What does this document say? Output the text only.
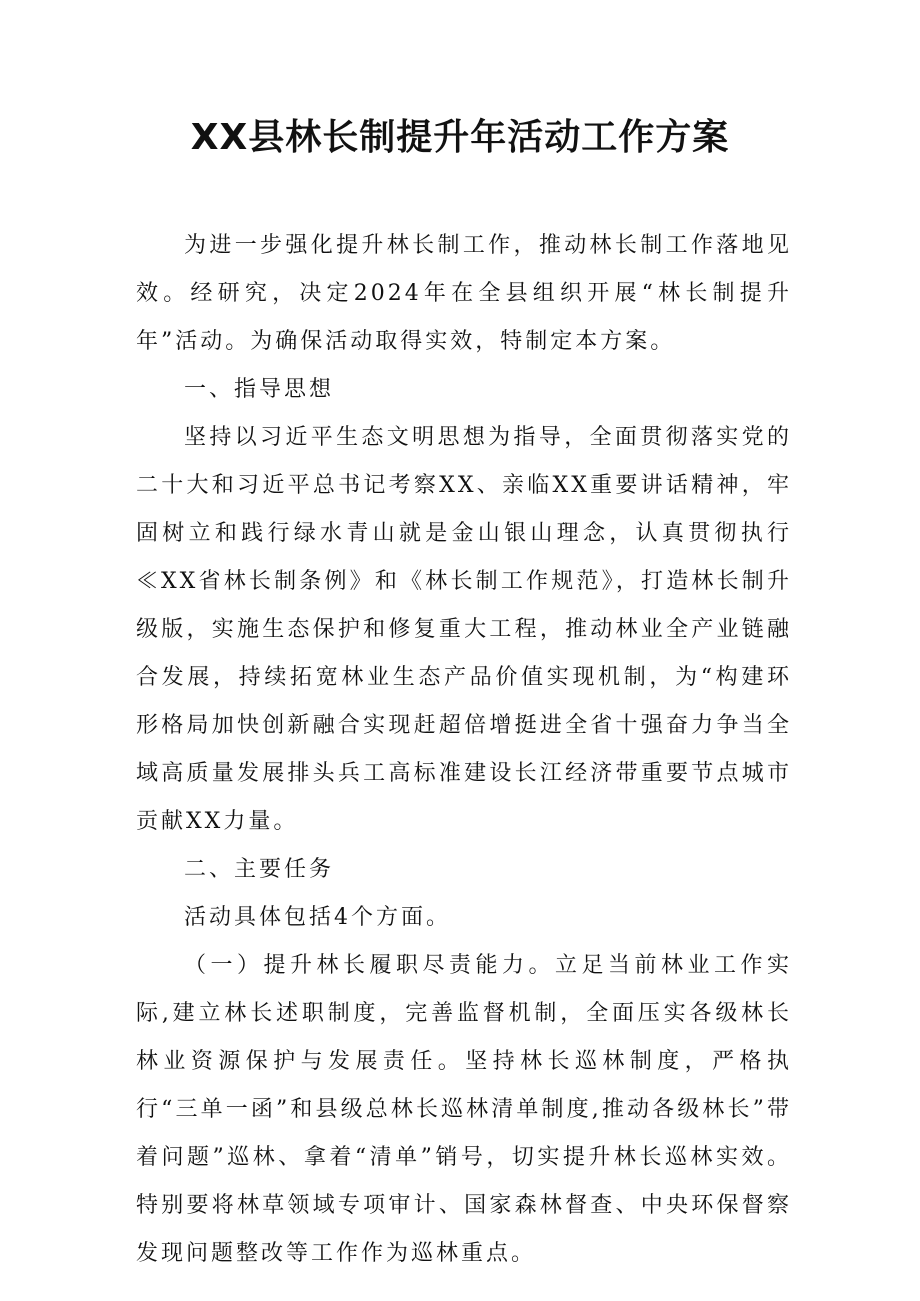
XX县林长制提升年活动工作方案

为进一步强化提升林长制工作，推动林长制工作落地见效。经研究，决定2024年在全县组织开展“林长制提升年”活动。为确保活动取得实效，特制定本方案。

一、指导思想

坚持以习近平生态文明思想为指导，全面贯彻落实党的二十大和习近平总书记考察XX、亲临XX重要讲话精神，牢固树立和践行绿水青山就是金山银山理念，认真贯彻执行≪XX省林长制条例》和《林长制工作规范》，打造林长制升级版，实施生态保护和修复重大工程，推动林业全产业链融合发展，持续拓宽林业生态产品价值实现机制，为“构建环形格局加快创新融合实现赶超倍增挺进全省十强奋力争当全域高质量发展排头兵工高标准建设长江经济带重要节点城市贡献XX力量。

二、主要任务

活动具体包括4个方面。

（一）提升林长履职尽责能力。立足当前林业工作实际,建立林长述职制度，完善监督机制，全面压实各级林长林业资源保护与发展责任。坚持林长巡林制度，严格执行“三单一函”和县级总林长巡林清单制度,推动各级林长”带着问题”巡林、拿着“清单”销号，切实提升林长巡林实效。特别要将林草领域专项审计、国家森林督查、中央环保督察发现问题整改等工作作为巡林重点。
